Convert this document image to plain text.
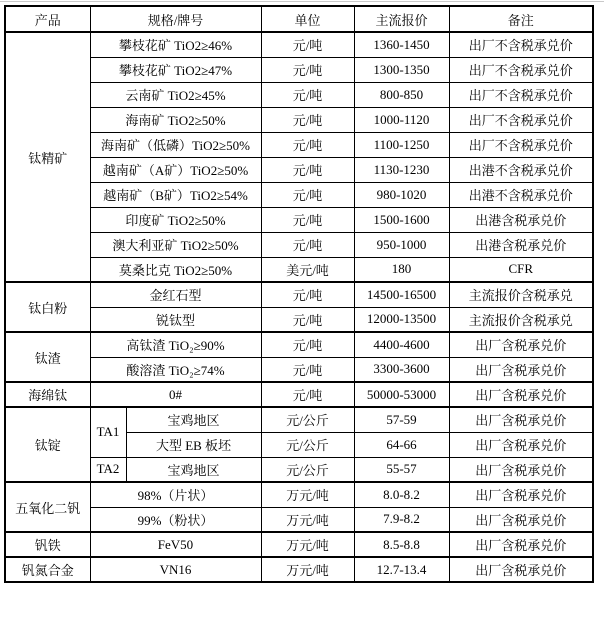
产品	规格/牌号		单位	主流报价	备注
钛精矿	攀枝花矿 TiO2≥46%		元/吨	1360-1450	出厂不含税承兑价
	攀枝花矿 TiO2≥47%		元/吨	1300-1350	出厂不含税承兑价
	云南矿 TiO2≥45%		元/吨	800-850	出厂不含税承兑价
	海南矿 TiO2≥50%		元/吨	1000-1120	出厂不含税承兑价
	海南矿（低磷）TiO2≥50%		元/吨	1100-1250	出厂不含税承兑价
	越南矿（A矿）TiO2≥50%		元/吨	1130-1230	出港不含税承兑价
	越南矿（B矿）TiO2≥54%		元/吨	980-1020	出港不含税承兑价
	印度矿 TiO2≥50%		元/吨	1500-1600	出港含税承兑价
	澳大利亚矿 TiO2≥50%		元/吨	950-1000	出港含税承兑价
	莫桑比克 TiO2≥50%		美元/吨	180	CFR
钛白粉	金红石型		元/吨	14500-16500	主流报价含税承兑
	锐钛型		元/吨	12000-13500	主流报价含税承兑
钛渣	高钛渣 TiO₂≥90%		元/吨	4400-4600	出厂含税承兑价
	酸溶渣 TiO₂≥74%		元/吨	3300-3600	出厂含税承兑价
海绵钛	0#		元/吨	50000-53000	出厂含税承兑价
钛锭	TA1	宝鸡地区	元/公斤	57-59	出厂含税承兑价
		大型 EB 板坯	元/公斤	64-66	出厂含税承兑价
	TA2	宝鸡地区	元/公斤	55-57	出厂含税承兑价
五氧化二钒	98%（片状）		万元/吨	8.0-8.2	出厂含税承兑价
	99%（粉状）		万元/吨	7.9-8.2	出厂含税承兑价
钒铁	FeV50		万元/吨	8.5-8.8	出厂含税承兑价
钒氮合金	VN16		万元/吨	12.7-13.4	出厂含税承兑价
